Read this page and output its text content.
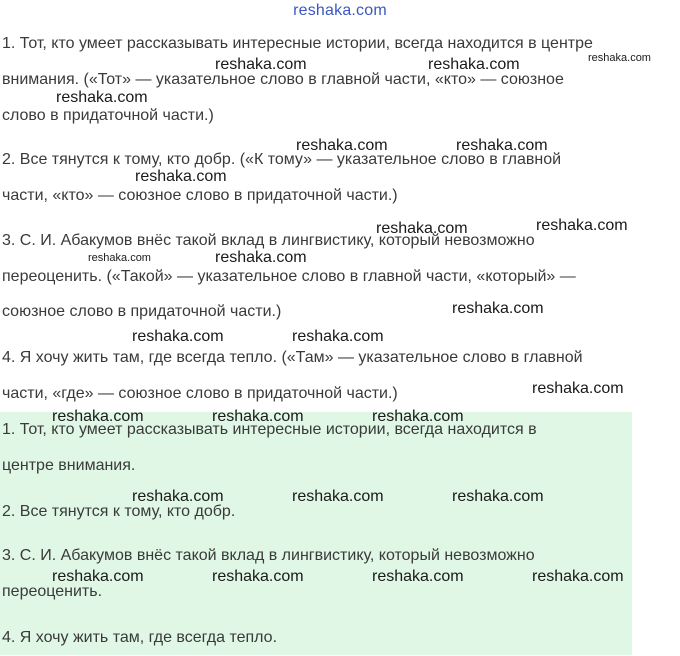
reshaka.com
1. Тот, кто умеет рассказывать интересные истории, всегда находится в центре
внимания. («Тот» — указательное слово в главной части, «кто» — союзное
слово в придаточной части.)
2. Все тянутся к тому, кто добр. («К тому» — указательное слово в главной
части, «кто» — союзное слово в придаточной части.)
3. С. И. Абакумов внёс такой вклад в лингвистику, который невозможно
переоценить. («Такой» — указательное слово в главной части, «который» —
союзное слово в придаточной части.)
4. Я хочу жить там, где всегда тепло. («Там» — указательное слово в главной
части, «где» — союзное слово в придаточной части.)
1. Тот, кто умеет рассказывать интересные истории, всегда находится в
центре внимания.
2. Все тянутся к тому, кто добр.
3. С. И. Абакумов внёс такой вклад в лингвистику, который невозможно
переоценить.
4. Я хочу жить там, где всегда тепло.
reshaka.com	reshaka.com	reshaka.com
reshaka.com
reshaka.com	reshaka.com
reshaka.com
reshaka.com	reshaka.com
reshaka.com	reshaka.com
reshaka.com
reshaka.com	reshaka.com
reshaka.com
reshaka.com	reshaka.com	reshaka.com
reshaka.com	reshaka.com	reshaka.com
reshaka.com	reshaka.com	reshaka.com	reshaka.com
